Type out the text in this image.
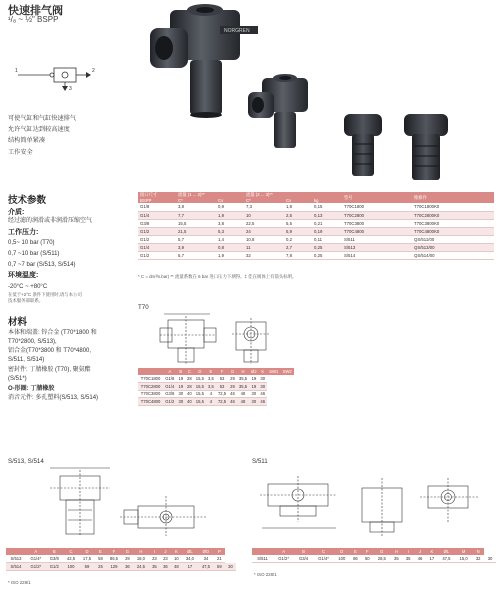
快速排气阀
¹/₈ ~ ½" BSPP
1	2
3
NORGREN
可使气缸和气缸快速排气
允许气缸达到较高速度
结构简单紧凑
工作安全
技术参数
介质:
经过滤的润滑或非润滑压缩空气
工作压力:
0,5~ 10 bar (T70)
0,7 ~10 bar (S/511)
0,7 ~7 bar (S/513, S/514)
环境温度:
-20°C ~ +80°C
在低于+2°C 条件下使用时,请与本公司
技术服务部联系。
接口尺寸
BSPP	流量 (1 ... 2)**
C*	
Cv	流量 (2 ... 3)**
C*	
Cv	
kg	型号	维修件
G1/8	3,8	0,9	7,3	1,8	0,15	T70C1800	T70C1800K0
G1/4	7,7	1,9	10	2,5	0,13	T70C2800	T70C2800K0
G3/8	15,5	3,8	22,5	5,5	0,21	T70C3800	T70C3800K0
G1/2	21,5	5,3	24	5,9	0,19	T70C4800	T70C4800K0
G1/2	5,7	1,4	10,8	0,2	0,11	S/511	QS/511/00
G1/4	3,9	0,8	11	2,7	0,25	S/513	QS/513/00
G1/2	5,7	1,9	32	7,8	0,25	S/514	QS/514/00
* C = dm³/s.bar) ** 流量系数在 6 bar 进口压力下测得。‡ 佳在阀体上有箭头标明。
T70
材料
本体和端盖: 锌合金 (T70*1800 和
T70*2800, S/513),
铝合金(T70*3800 和 T70*4800,
S/511, S/514)
密封件: 丁腈橡胶 (T70), 聚氨酯
(S/51*)
O-形圈: 丁腈橡胶
消音元件: 多孔塑料(S/513, S/514)
	A	B	C	D	E	F	G	H	ØJ	K	SW1	SW2
T70C1800	G1/8	19	28	15,5	3,5	53	29	35,5	19	30		
T70C2800	G1/4	19	28	15,5	3,5	53	29	35,5	19	30		
T70C3800	G3/8	30	40	15,5	4	72,5	46	48	30	46		
T70C4800	G1/2	30	40	15,5	4	72,5	46	48	30	46		
S/513, S/514	S/511
	A	B	C	D	E	F	G	H	I	J	K	ØL	ØO	P	
S/513	G1/4*	G3/8	42,5	17,5	58	86,5	29	18,0	23	23	10	34,0	34	21	
S/514	G1/2*	G1/2	100	59	25	129	36	24,5	35	36	48	17	47,5	59	30
* ISO 228/1
	A	B	C	D	E	F	G	H	I	J	K	ØL	M	N	
S/511	G1/2*	G3/4	G1/4*	100	86	50	28,5	35	35	46	17	47,5	15,0	32	30
* ISO 228/1
